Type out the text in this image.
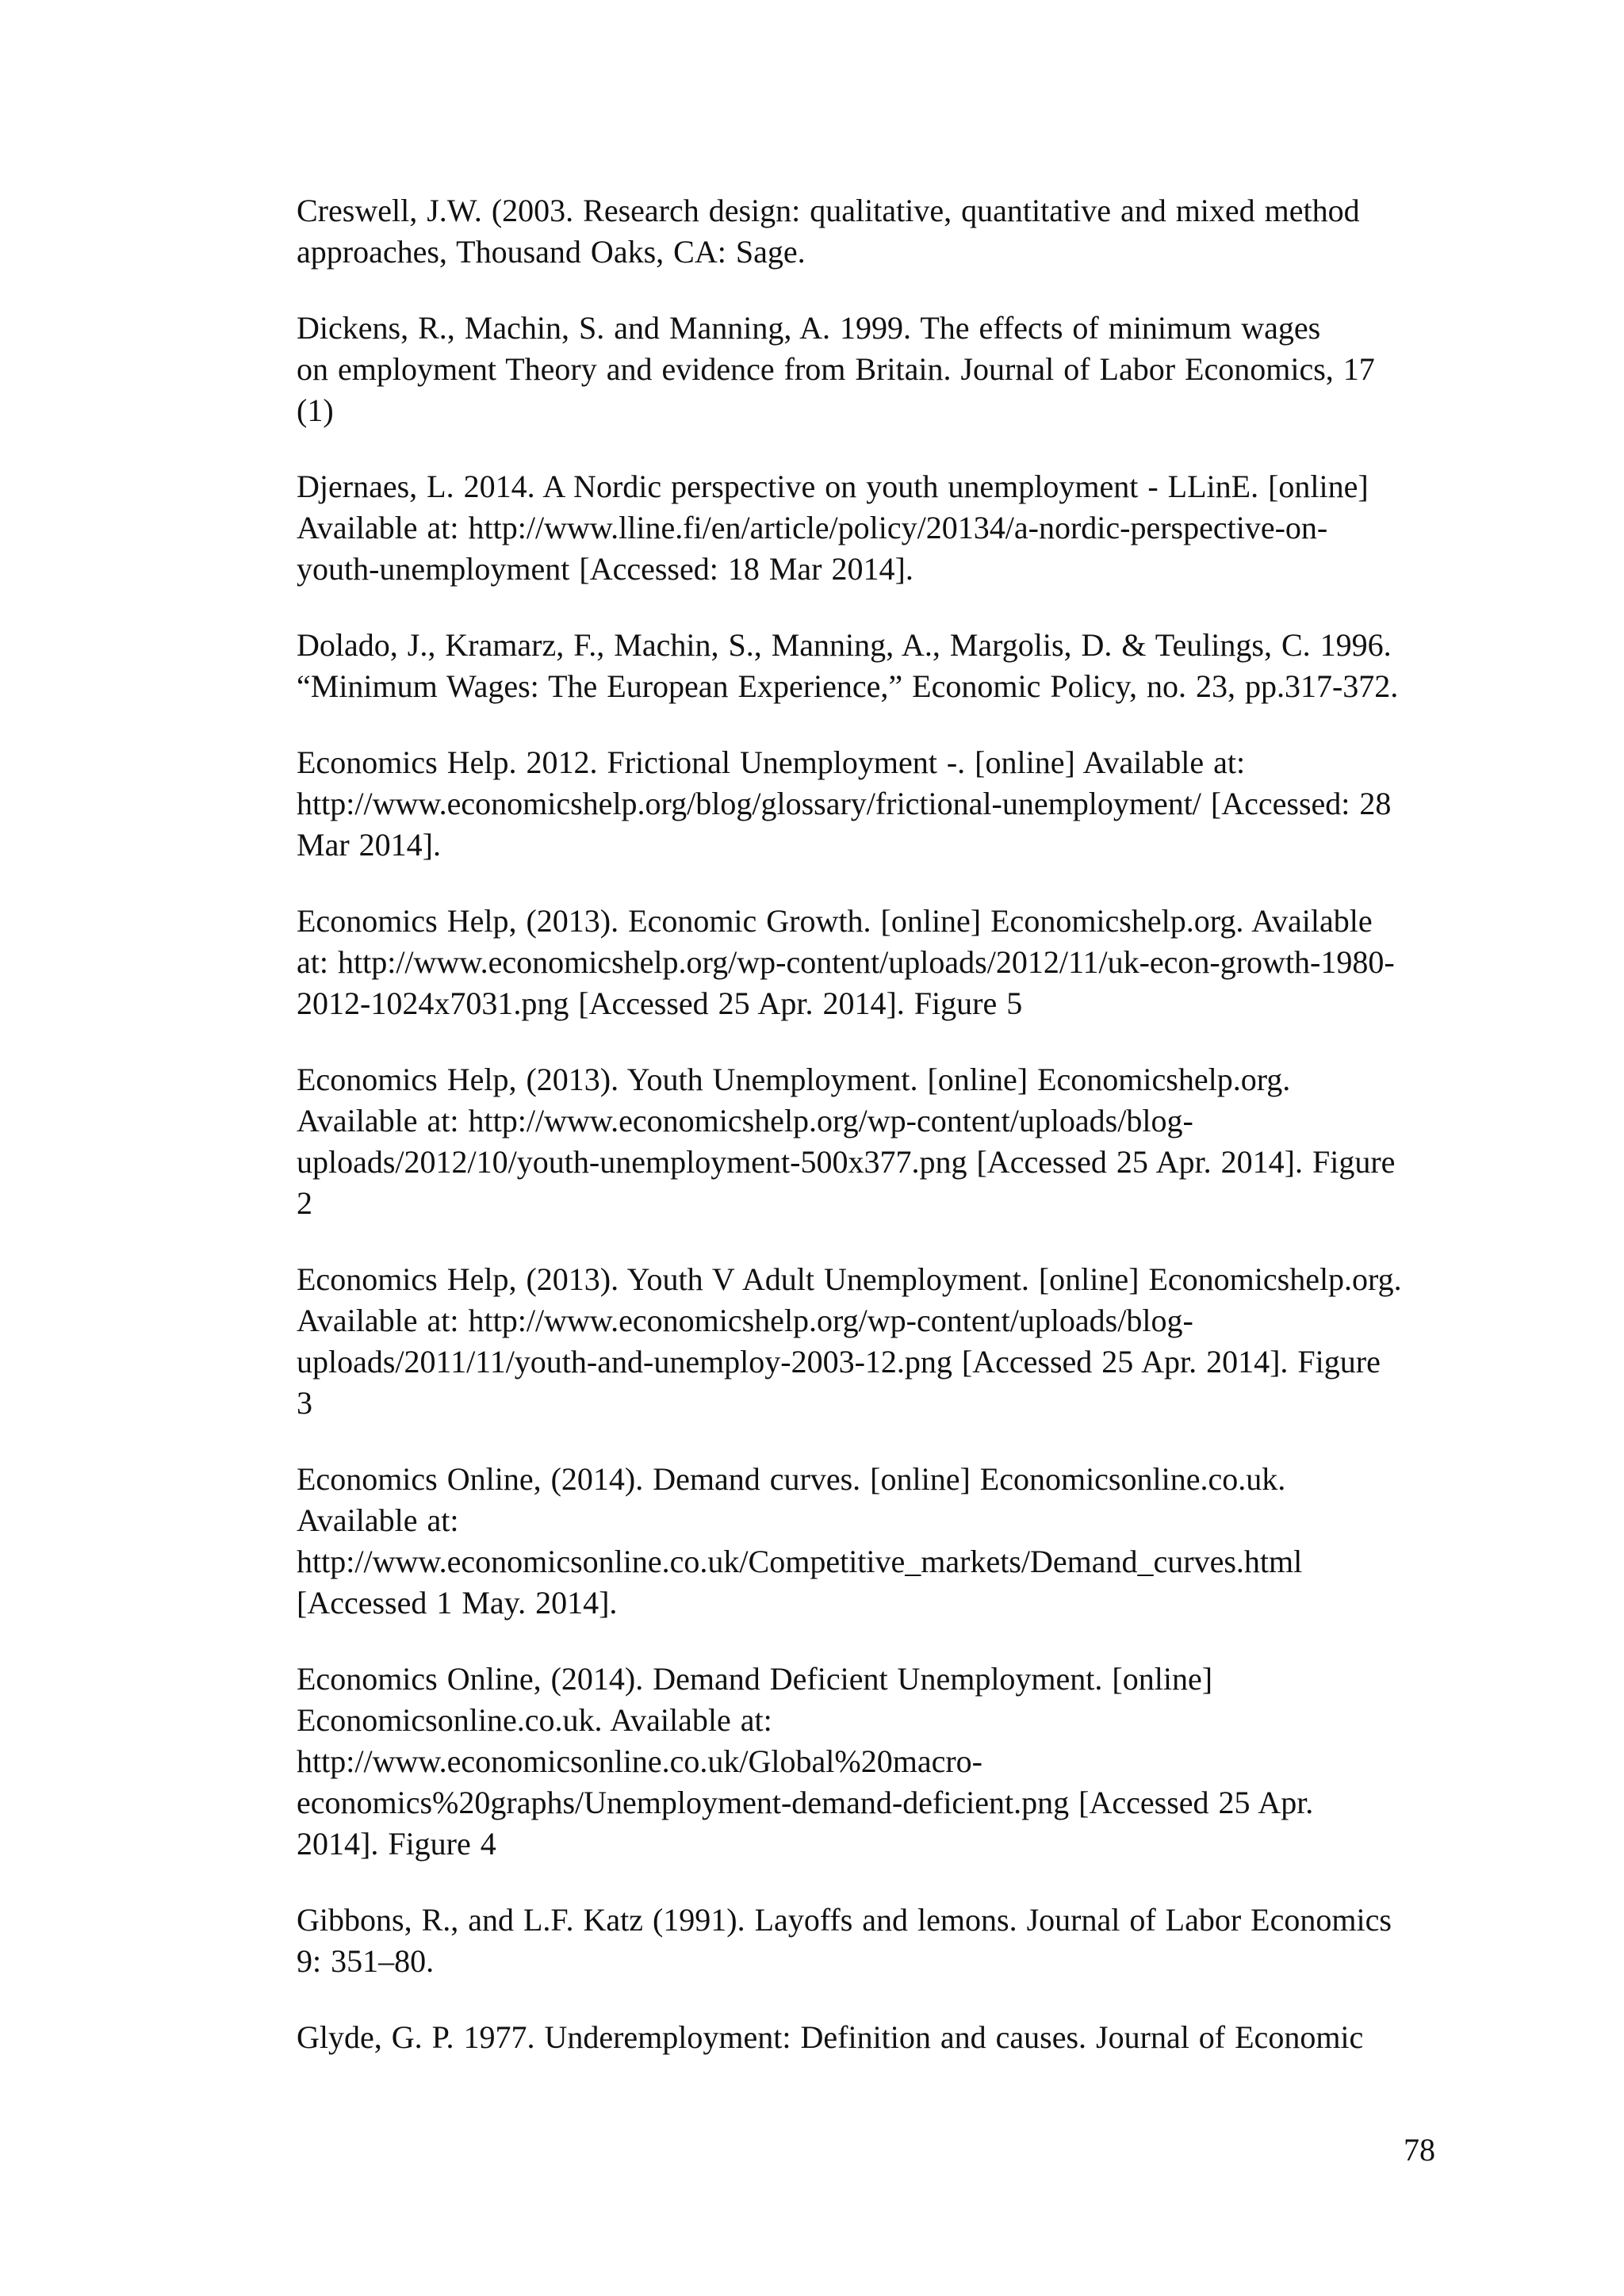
Creswell, J.W. (2003. Research design: qualitative, quantitative and mixed method
approaches, Thousand Oaks, CA: Sage.

Dickens, R., Machin, S. and Manning, A. 1999. The effects of minimum wages
on employment Theory and evidence from Britain. Journal of Labor Economics, 17
(1)

Djernaes, L. 2014. A Nordic perspective on youth unemployment - LLinE. [online]
Available at: http://www.lline.fi/en/article/policy/20134/a-nordic-perspective-on-
youth-unemployment [Accessed: 18 Mar 2014].

Dolado, J., Kramarz, F., Machin, S., Manning, A., Margolis, D. & Teulings, C. 1996.
“Minimum Wages: The European Experience,” Economic Policy, no. 23, pp.317-372.

Economics Help. 2012. Frictional Unemployment -. [online] Available at:
http://www.economicshelp.org/blog/glossary/frictional-unemployment/ [Accessed: 28
Mar 2014].

Economics Help, (2013). Economic Growth. [online] Economicshelp.org. Available
at: http://www.economicshelp.org/wp-content/uploads/2012/11/uk-econ-growth-1980-
2012-1024x7031.png [Accessed 25 Apr. 2014]. Figure 5

Economics Help, (2013). Youth Unemployment. [online] Economicshelp.org.
Available at: http://www.economicshelp.org/wp-content/uploads/blog-
uploads/2012/10/youth-unemployment-500x377.png [Accessed 25 Apr. 2014]. Figure
2

Economics Help, (2013). Youth V Adult Unemployment. [online] Economicshelp.org.
Available at: http://www.economicshelp.org/wp-content/uploads/blog-
uploads/2011/11/youth-and-unemploy-2003-12.png [Accessed 25 Apr. 2014]. Figure
3

Economics Online, (2014). Demand curves. [online] Economicsonline.co.uk.
Available at:
http://www.economicsonline.co.uk/Competitive_markets/Demand_curves.html
[Accessed 1 May. 2014].

Economics Online, (2014). Demand Deficient Unemployment. [online]
Economicsonline.co.uk. Available at:
http://www.economicsonline.co.uk/Global%20macro-
economics%20graphs/Unemployment-demand-deficient.png [Accessed 25 Apr.
2014]. Figure 4

Gibbons, R., and L.F. Katz (1991). Layoffs and lemons. Journal of Labor Economics
9: 351–80.

Glyde, G. P. 1977. Underemployment: Definition and causes. Journal of Economic

78
